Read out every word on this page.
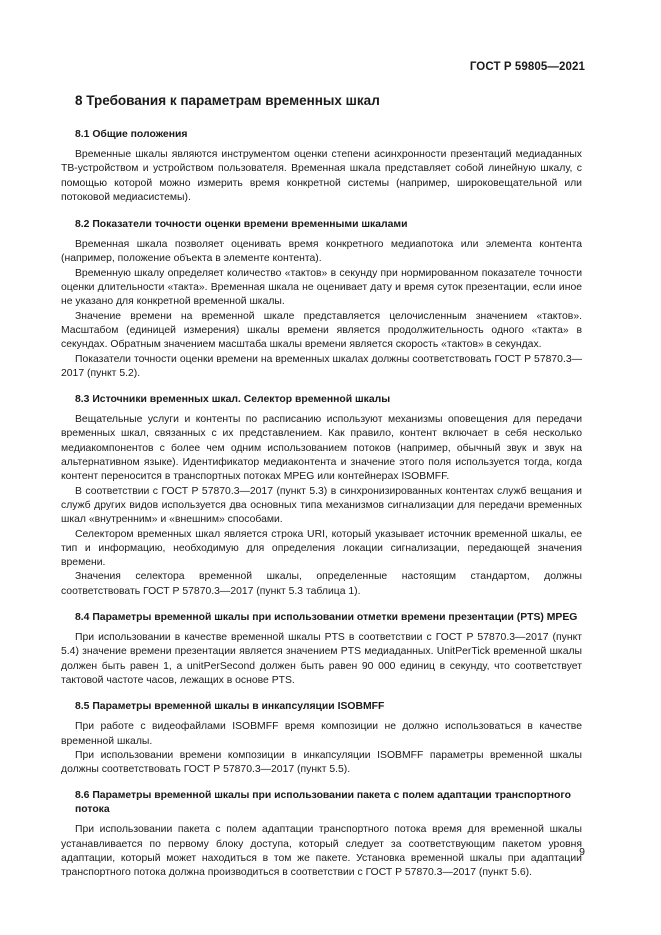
ГОСТ Р 59805—2021
8 Требования к параметрам временных шкал
8.1 Общие положения

Временные шкалы являются инструментом оценки степени асинхронности презентаций медиаданных ТВ-устройством и устройством пользователя. Временная шкала представляет собой линейную шкалу, с помощью которой можно измерить время конкретной системы (например, широковещательной или потоковой медиасистемы).

8.2 Показатели точности оценки времени временными шкалами

Временная шкала позволяет оценивать время конкретного медиапотока или элемента контента (например, положение объекта в элементе контента).

Временную шкалу определяет количество «тактов» в секунду при нормированном показателе точности оценки длительности «такта». Временная шкала не оценивает дату и время суток презентации, если иное не указано для конкретной временной шкалы.

Значение времени на временной шкале представляется целочисленным значением «тактов». Масштабом (единицей измерения) шкалы времени является продолжительность одного «такта» в секундах. Обратным значением масштаба шкалы времени является скорость «тактов» в секундах.

Показатели точности оценки времени на временных шкалах должны соответствовать ГОСТ Р 57870.3—2017 (пункт 5.2).

8.3 Источники временных шкал. Селектор временной шкалы

Вещательные услуги и контенты по расписанию используют механизмы оповещения для передачи временных шкал, связанных с их представлением. Как правило, контент включает в себя несколько медиакомпонентов с более чем одним использованием потоков (например, обычный звук и звук на альтернативном языке). Идентификатор медиаконтента и значение этого поля используется тогда, когда контент переносится в транспортных потоках MPEG или контейнерах ISOBMFF.

В соответствии с ГОСТ Р 57870.3—2017 (пункт 5.3) в синхронизированных контентах служб вещания и служб других видов используется два основных типа механизмов сигнализации для передачи временных шкал «внутренним» и «внешним» способами.

Селектором временных шкал является строка URI, который указывает источник временной шкалы, ее тип и информацию, необходимую для определения локации сигнализации, передающей значения времени.

Значения селектора временной шкалы, определенные настоящим стандартом, должны соответствовать ГОСТ Р 57870.3—2017 (пункт 5.3 таблица 1).

8.4 Параметры временной шкалы при использовании отметки времени презентации (PTS) MPEG

При использовании в качестве временной шкалы PTS в соответствии с ГОСТ Р 57870.3—2017 (пункт 5.4) значение времени презентации является значением PTS медиаданных. UnitPerTick временной шкалы должен быть равен 1, а unitPerSecond должен быть равен 90 000 единиц в секунду, что соответствует тактовой частоте часов, лежащих в основе PTS.

8.5 Параметры временной шкалы в инкапсуляции ISOBMFF

При работе с видеофайлами ISOBMFF время композиции не должно использоваться в качестве временной шкалы.

При использовании времени композиции в инкапсуляции ISOBMFF параметры временной шкалы должны соответствовать ГОСТ Р 57870.3—2017 (пункт 5.5).

8.6 Параметры временной шкалы при использовании пакета с полем адаптации транспортного потока

При использовании пакета с полем адаптации транспортного потока время для временной шкалы устанавливается по первому блоку доступа, который следует за соответствующим пакетом уровня адаптации, который может находиться в том же пакете. Установка временной шкалы при адаптации транспортного потока должна производиться в соответствии с ГОСТ Р 57870.3—2017 (пункт 5.6).

9
